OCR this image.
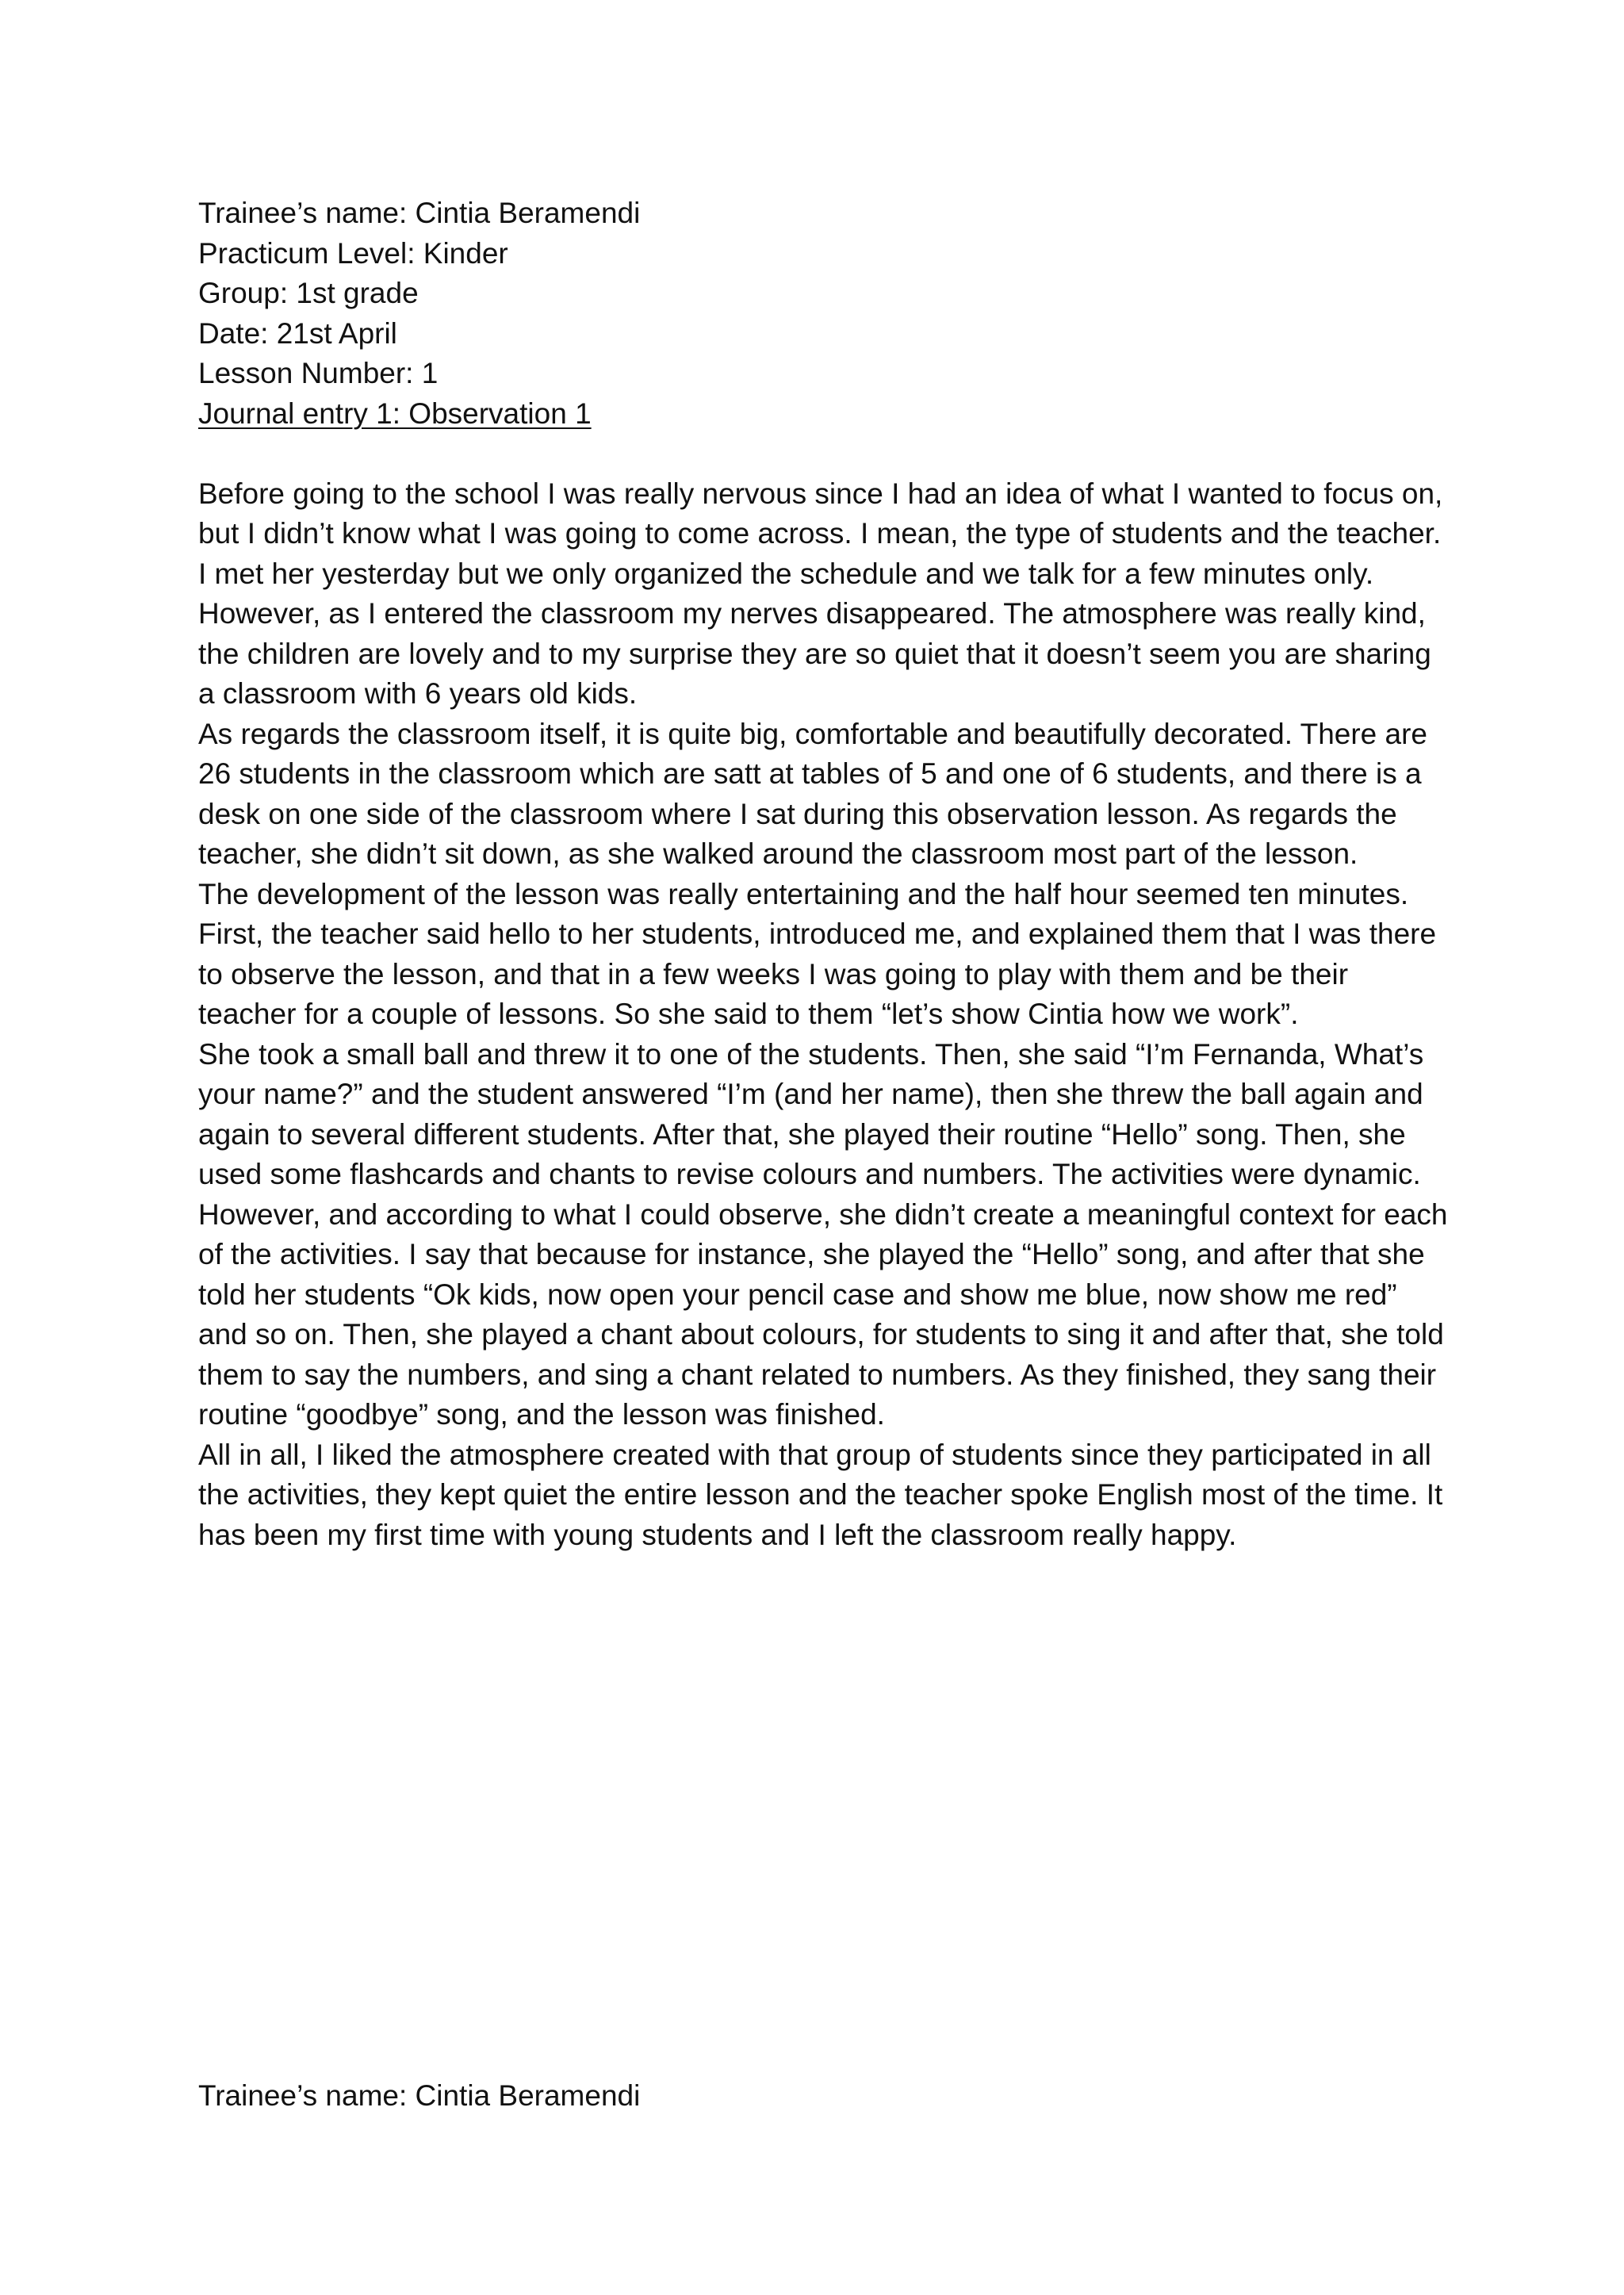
Trainee’s name: Cintia Beramendi
Practicum Level: Kinder
Group: 1st grade
Date: 21st April
Lesson Number: 1
Journal entry 1: Observation 1

Before going to the school I was really nervous since I had an idea of what I wanted to focus on, but I didn’t know what I was going to come across. I mean, the type of students and the teacher. I met her yesterday but we only organized the schedule and we talk for a few minutes only.

However, as I entered the classroom my nerves disappeared. The atmosphere was really kind, the children are lovely and to my surprise they are so quiet that it doesn’t seem you are sharing a classroom with 6 years old kids.

As regards the classroom itself, it is quite big, comfortable and beautifully decorated. There are 26 students in the classroom which are satt at tables of 5 and one of 6 students, and there is a desk on one side of the classroom where I sat during this observation lesson. As regards the teacher, she didn’t sit down, as she walked around the classroom most part of the lesson.

The development of the lesson was really entertaining and the half hour seemed ten minutes. First, the teacher said hello to her students, introduced me, and explained them that I was there to observe the lesson, and that in a few weeks I was going to play with them and be their teacher for a couple of lessons. So she said to them “let’s show Cintia how we work”.

She took a small ball and threw it to one of the students. Then, she said “I’m Fernanda, What’s your name?” and the student answered “I’m (and her name), then she threw the ball again and again to several different students. After that, she played their routine “Hello” song. Then, she used some flashcards and chants to revise colours and numbers. The activities were dynamic. However, and according to what I could observe, she didn’t create a meaningful context for each of the activities. I say that because for instance, she played the “Hello” song, and after that she told her students “Ok kids, now open your pencil case and show me blue, now show me red” and so on. Then, she played a chant about colours, for students to sing it and after that, she told them to say the numbers, and sing a chant related to numbers. As they finished, they sang their routine “goodbye” song, and the lesson was finished.

All in all, I liked the atmosphere created with that group of students since they participated in all the activities, they kept quiet the entire lesson and the teacher spoke English most of the time. It has been my first time with young students and I left the classroom really happy.

Trainee’s name: Cintia Beramendi
